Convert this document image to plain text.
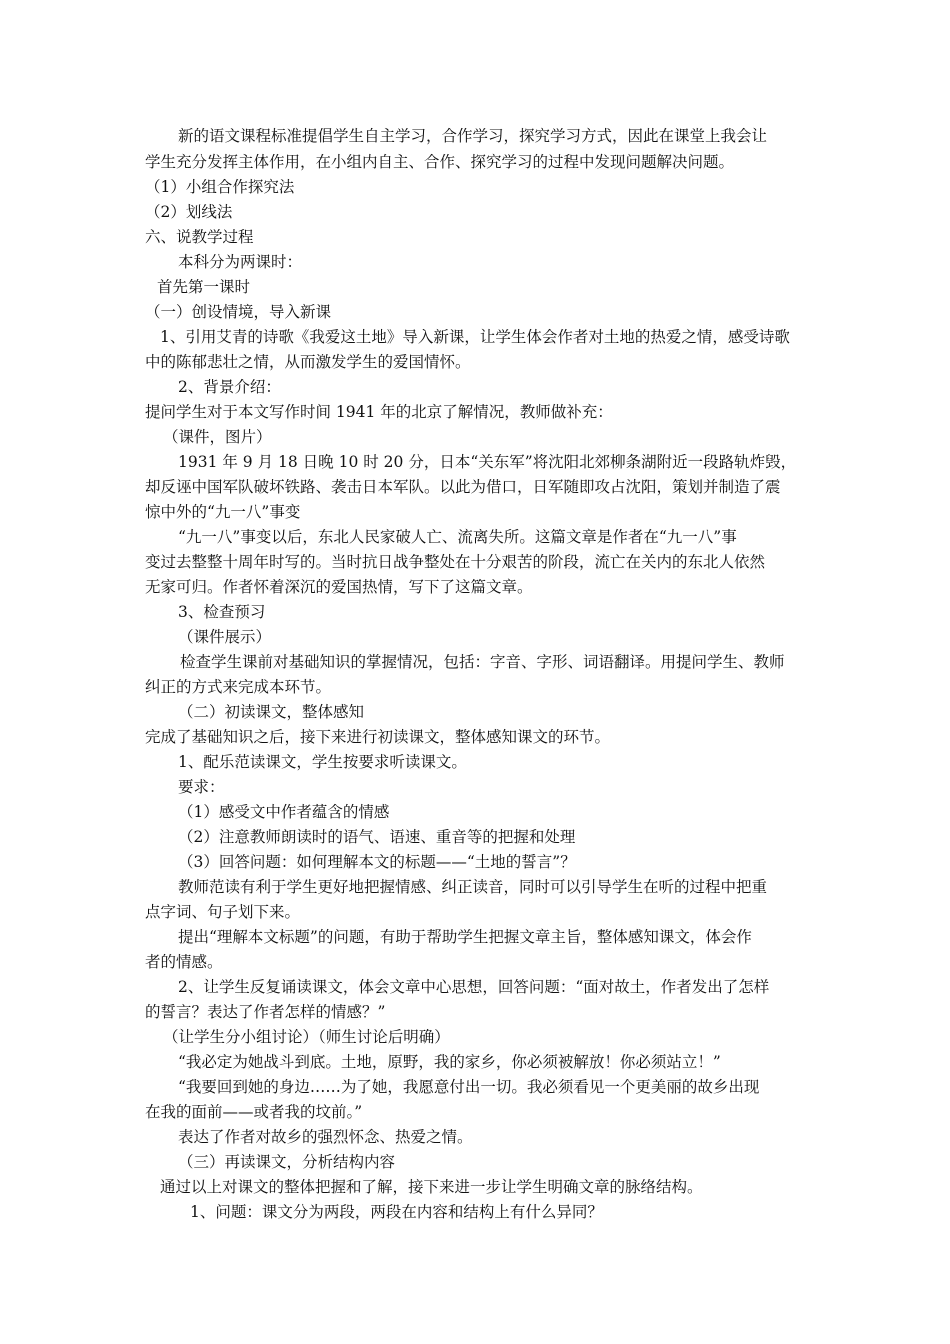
新的语文课程标准提倡学生自主学习，合作学习，探究学习方式，因此在课堂上我会让
学生充分发挥主体作用，在小组内自主、合作、探究学习的过程中发现问题解决问题。
（1）小组合作探究法
（2）划线法
六、说教学过程
本科分为两课时：
首先第一课时
（一）创设情境，导入新课
1、引用艾青的诗歌《我爱这土地》导入新课，让学生体会作者对土地的热爱之情，感受诗歌
中的陈郁悲壮之情，从而激发学生的爱国情怀。
2、背景介绍：
提问学生对于本文写作时间 1941 年的北京了解情况，教师做补充：
（课件，图片）
1931 年 9 月 18 日晚 10 时 20 分，日本“关东军”将沈阳北郊柳条湖附近一段路轨炸毁，
却反诬中国军队破坏铁路、袭击日本军队。以此为借口，日军随即攻占沈阳，策划并制造了震
惊中外的“九一八”事变
“九一八”事变以后，东北人民家破人亡、流离失所。这篇文章是作者在“九一八”事
变过去整整十周年时写的。当时抗日战争整处在十分艰苦的阶段，流亡在关内的东北人依然
无家可归。作者怀着深沉的爱国热情，写下了这篇文章。
3、检查预习
（课件展示）
检查学生课前对基础知识的掌握情况，包括：字音、字形、词语翻译。用提问学生、教师
纠正的方式来完成本环节。
（二）初读课文，整体感知
完成了基础知识之后，接下来进行初读课文，整体感知课文的环节。
1、配乐范读课文，学生按要求听读课文。
要求：
（1）感受文中作者蕴含的情感
（2）注意教师朗读时的语气、语速、重音等的把握和处理
（3）回答问题：如何理解本文的标题——“土地的誓言”？
教师范读有利于学生更好地把握情感、纠正读音，同时可以引导学生在听的过程中把重
点字词、句子划下来。
提出“理解本文标题”的问题，有助于帮助学生把握文章主旨，整体感知课文，体会作
者的情感。
2、让学生反复诵读课文，体会文章中心思想，回答问题：“面对故土，作者发出了怎样
的誓言？表达了作者怎样的情感？”
（让学生分小组讨论）（师生讨论后明确）
“我必定为她战斗到底。土地，原野，我的家乡，你必须被解放！你必须站立！”
“我要回到她的身边……为了她，我愿意付出一切。我必须看见一个更美丽的故乡出现
在我的面前——或者我的坟前。”
表达了作者对故乡的强烈怀念、热爱之情。
（三）再读课文，分析结构内容
通过以上对课文的整体把握和了解，接下来进一步让学生明确文章的脉络结构。
1、问题：课文分为两段，两段在内容和结构上有什么异同？
